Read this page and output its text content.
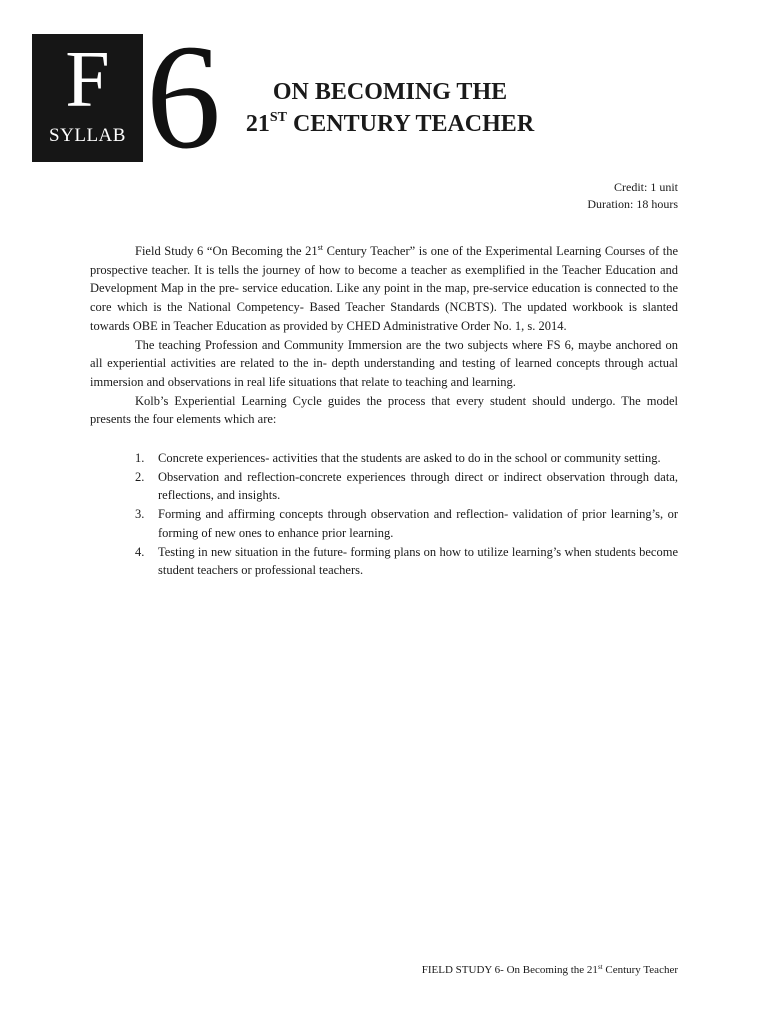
F
SYLLAB 6	ON BECOMING THE
21ST CENTURY TEACHER
Credit: 1 unit
Duration: 18 hours

Field Study 6 “On Becoming the 21st Century Teacher” is one of the Experimental Learning Courses of the prospective teacher. It is tells the journey of how to become a teacher as exemplified in the Teacher Education and Development Map in the pre- service education. Like any point in the map, pre-service education is connected to the core which is the National Competency- Based Teacher Standards (NCBTS). The updated workbook is slanted towards OBE in Teacher Education as provided by CHED Administrative Order No. 1, s. 2014.

The teaching Profession and Community Immersion are the two subjects where FS 6, maybe anchored on all experiential activities are related to the in- depth understanding and testing of learned concepts through actual immersion and observations in real life situations that relate to teaching and learning.

Kolb’s Experiential Learning Cycle guides the process that every student should undergo. The model presents the four elements which are:

1.	Concrete experiences- activities that the students are asked to do in the school or community setting.
2.	Observation and reflection-concrete experiences through direct or indirect observation through data, reflections, and insights.
3.	Forming and affirming concepts through observation and reflection- validation of prior learning’s, or forming of new ones to enhance prior learning.
4.	Testing in new situation in the future- forming plans on how to utilize learning’s when students become student teachers or professional teachers.
FIELD STUDY 6- On Becoming the 21st Century Teacher
